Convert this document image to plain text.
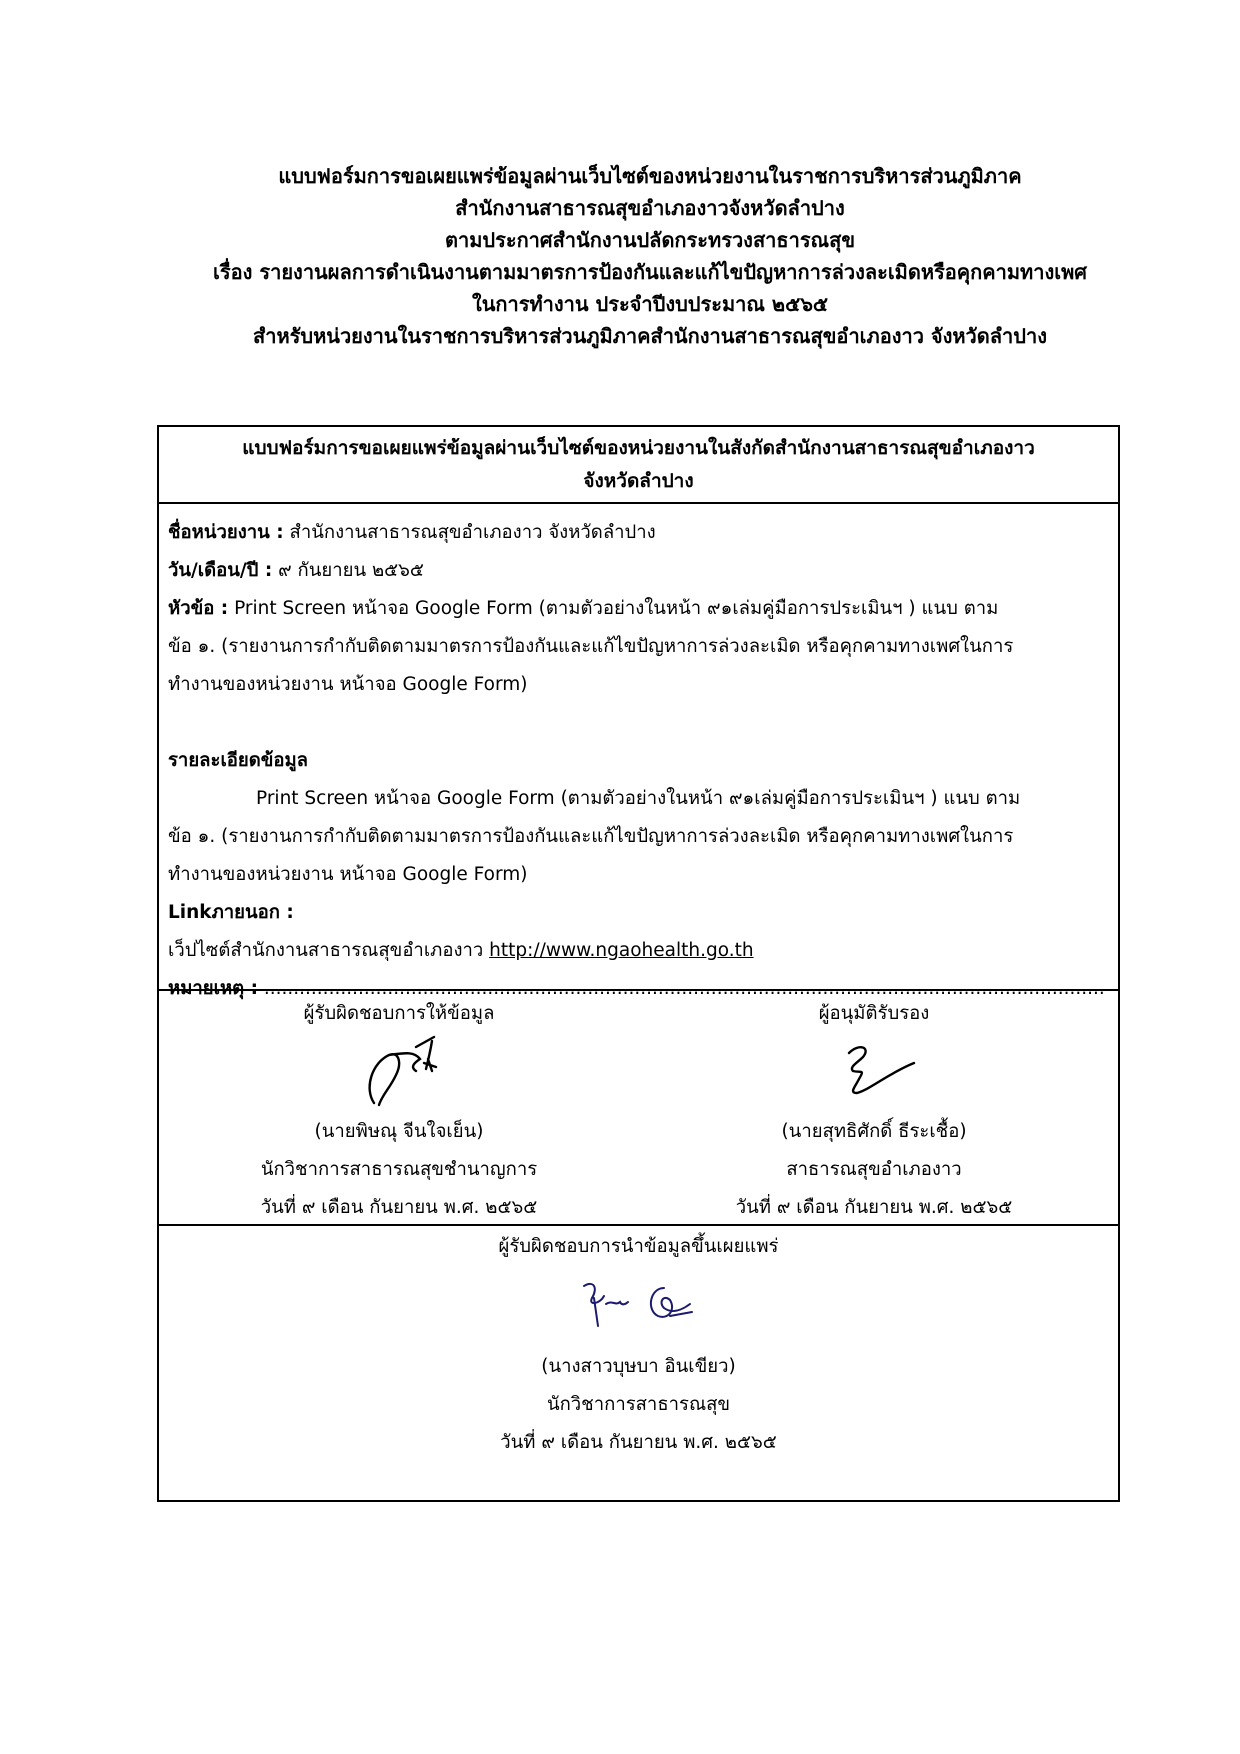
แบบฟอร์มการขอเผยแพร่ข้อมูลผ่านเว็บไซต์ของหน่วยงานในราชการบริหารส่วนภูมิภาค
สำนักงานสาธารณสุขอำเภองาวจังหวัดลำปาง
ตามประกาศสำนักงานปลัดกระทรวงสาธารณสุข
เรื่อง รายงานผลการดำเนินงานตามมาตรการป้องกันและแก้ไขปัญหาการล่วงละเมิดหรือคุกคามทางเพศ
ในการทำงาน ประจำปีงบประมาณ ๒๕๖๕
สำหรับหน่วยงานในราชการบริหารส่วนภูมิภาคสำนักงานสาธารณสุขอำเภองาว จังหวัดลำปาง
แบบฟอร์มการขอเผยแพร่ข้อมูลผ่านเว็บไซต์ของหน่วยงานในสังกัดสำนักงานสาธารณสุขอำเภองาว
จังหวัดลำปาง
ชื่อหน่วยงาน : สำนักงานสาธารณสุขอำเภองาว จังหวัดลำปาง
วัน/เดือน/ปี : ๙ กันยายน ๒๕๖๕
หัวข้อ : Print Screen หน้าจอ Google Form (ตามตัวอย่างในหน้า ๙๑เล่มคู่มือการประเมินฯ ) แนบ ตาม
ข้อ ๑. (รายงานการกำกับติดตามมาตรการป้องกันและแก้ไขปัญหาการล่วงละเมิด หรือคุกคามทางเพศในการ
ทำงานของหน่วยงาน หน้าจอ Google Form)
รายละเอียดข้อมูล
Print Screen หน้าจอ Google Form (ตามตัวอย่างในหน้า ๙๑เล่มคู่มือการประเมินฯ ) แนบ ตาม
ข้อ ๑. (รายงานการกำกับติดตามมาตรการป้องกันและแก้ไขปัญหาการล่วงละเมิด หรือคุกคามทางเพศในการ
ทำงานของหน่วยงาน หน้าจอ Google Form)
Linkภายนอก :
เว็ปไซต์สำนักงานสาธารณสุขอำเภองาว http://www.ngaohealth.go.th
หมายเหตุ : ...............................................................................................................................................
ผู้รับผิดชอบการให้ข้อมูล
(นายพิษณุ จีนใจเย็น)
นักวิชาการสาธารณสุขชำนาญการ
วันที่ ๙ เดือน กันยายน พ.ศ. ๒๕๖๕
ผู้อนุมัติรับรอง
(นายสุทธิศักดิ์ ธีระเชื้อ)
สาธารณสุขอำเภองาว
วันที่ ๙ เดือน กันยายน พ.ศ. ๒๕๖๕
ผู้รับผิดชอบการนำข้อมูลขึ้นเผยแพร่
(นางสาวบุษบา อินเขียว)
นักวิชาการสาธารณสุข
วันที่ ๙ เดือน กันยายน พ.ศ. ๒๕๖๕
